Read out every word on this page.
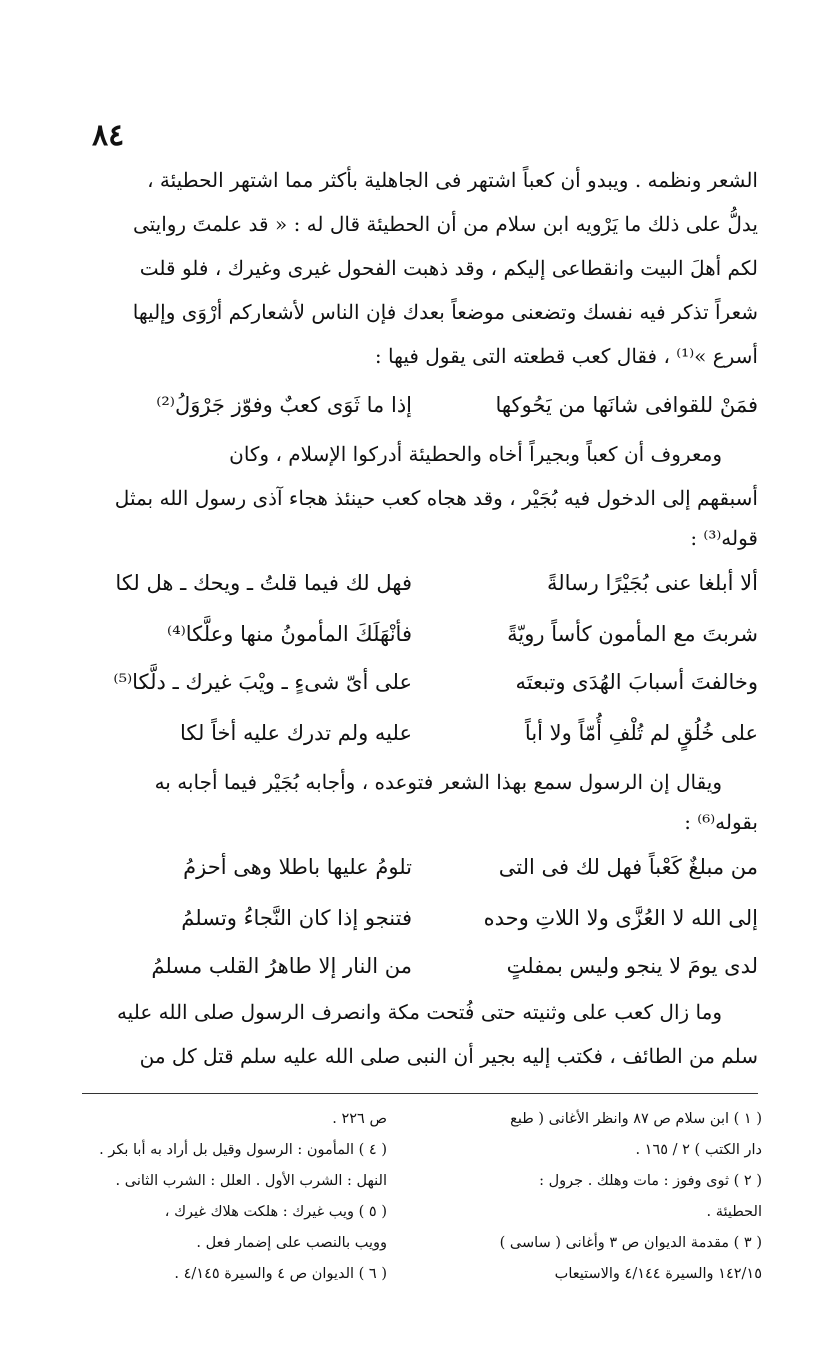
٨٤
الشعر ونظمه . ويبدو أن كعباً اشتهر فى الجاهلية بأكثر مما اشتهر الحطيئة ،
يدلُّ على ذلك ما يَرْويه ابن سلام من أن الحطيئة قال له : « قد علمتَ روايتى
لكم أهلَ البيت وانقطاعى إليكم ، وقد ذهبت الفحول غيرى وغيرك ، فلو قلت
شعراً تذكر فيه نفسك وتضعنى موضعاً بعدك فإن الناس لأشعاركم أرْوَى وإليها
أسرع »⁽¹⁾ ، فقال كعب قطعته التى يقول فيها :
فمَنْ للقوافى شانَها من يَحُوكها
إذا ما ثَوَى كعبٌ وفوّز جَرْوَلُ⁽²⁾
ومعروف أن كعباً وبجيراً أخاه والحطيئة أدركوا الإسلام ، وكان
أسبقهم إلى الدخول فيه بُجَيْر ، وقد هجاه كعب حينئذ هجاء آذى رسول الله بمثل
قوله⁽³⁾ :
ألا أبلغا عنى بُجَيْرًا رسالةً
فهل لك فيما قلتُ ـ ويحك ـ هل لكا
شربتَ مع المأمون كأساً رويّةً
فأنْهَلَكَ المأمونُ منها وعلَّكا⁽⁴⁾
وخالفتَ أسبابَ الهُدَى وتبعتَه
على أىّ شىءٍ ـ ويْبَ غيرك ـ دلَّكا⁽⁵⁾
على خُلُقٍ لم تُلْفِ أُمّاً ولا أباً
عليه ولم تدرك عليه أخاً لكا
ويقال إن الرسول سمع بهذا الشعر فتوعده ، وأجابه بُجَيْر فيما أجابه به
بقوله⁽⁶⁾ :
من مبلغٌ كَعْباً فهل لك فى التى
تلومُ عليها باطلا وهى أحزمُ
إلى الله لا العُزَّى ولا اللاتِ وحده
فتنجو إذا كان النَّجاءُ وتسلمُ
لدى يومَ لا ينجو وليس بمفلتٍ
من النار إلا طاهرُ القلب مسلمُ
وما زال كعب على وثنيته حتى فُتحت مكة وانصرف الرسول صلى الله عليه
سلم من الطائف ، فكتب إليه بجير أن النبى صلى الله عليه سلم قتل كل من
( ١ ) ابن سلام ص ٨٧ وانظر الأغانى ( طبع
دار الكتب ) ٢ / ١٦٥ .
( ٢ ) ثوى وفوز : مات وهلك . جرول :
الحطيئة .
( ٣ ) مقدمة الديوان ص ٣ وأغانى ( ساسى )
١٤٢/١٥ والسيرة ٤/١٤٤ والاستيعاب
ص ٢٢٦ .
( ٤ ) المأمون : الرسول وقيل بل أراد به أبا بكر .
النهل : الشرب الأول . العلل : الشرب الثانى .
( ٥ ) ويب غيرك : هلكت هلاك غيرك ،
وويب بالنصب على إضمار فعل .
( ٦ ) الديوان ص ٤ والسيرة ٤/١٤٥ .
